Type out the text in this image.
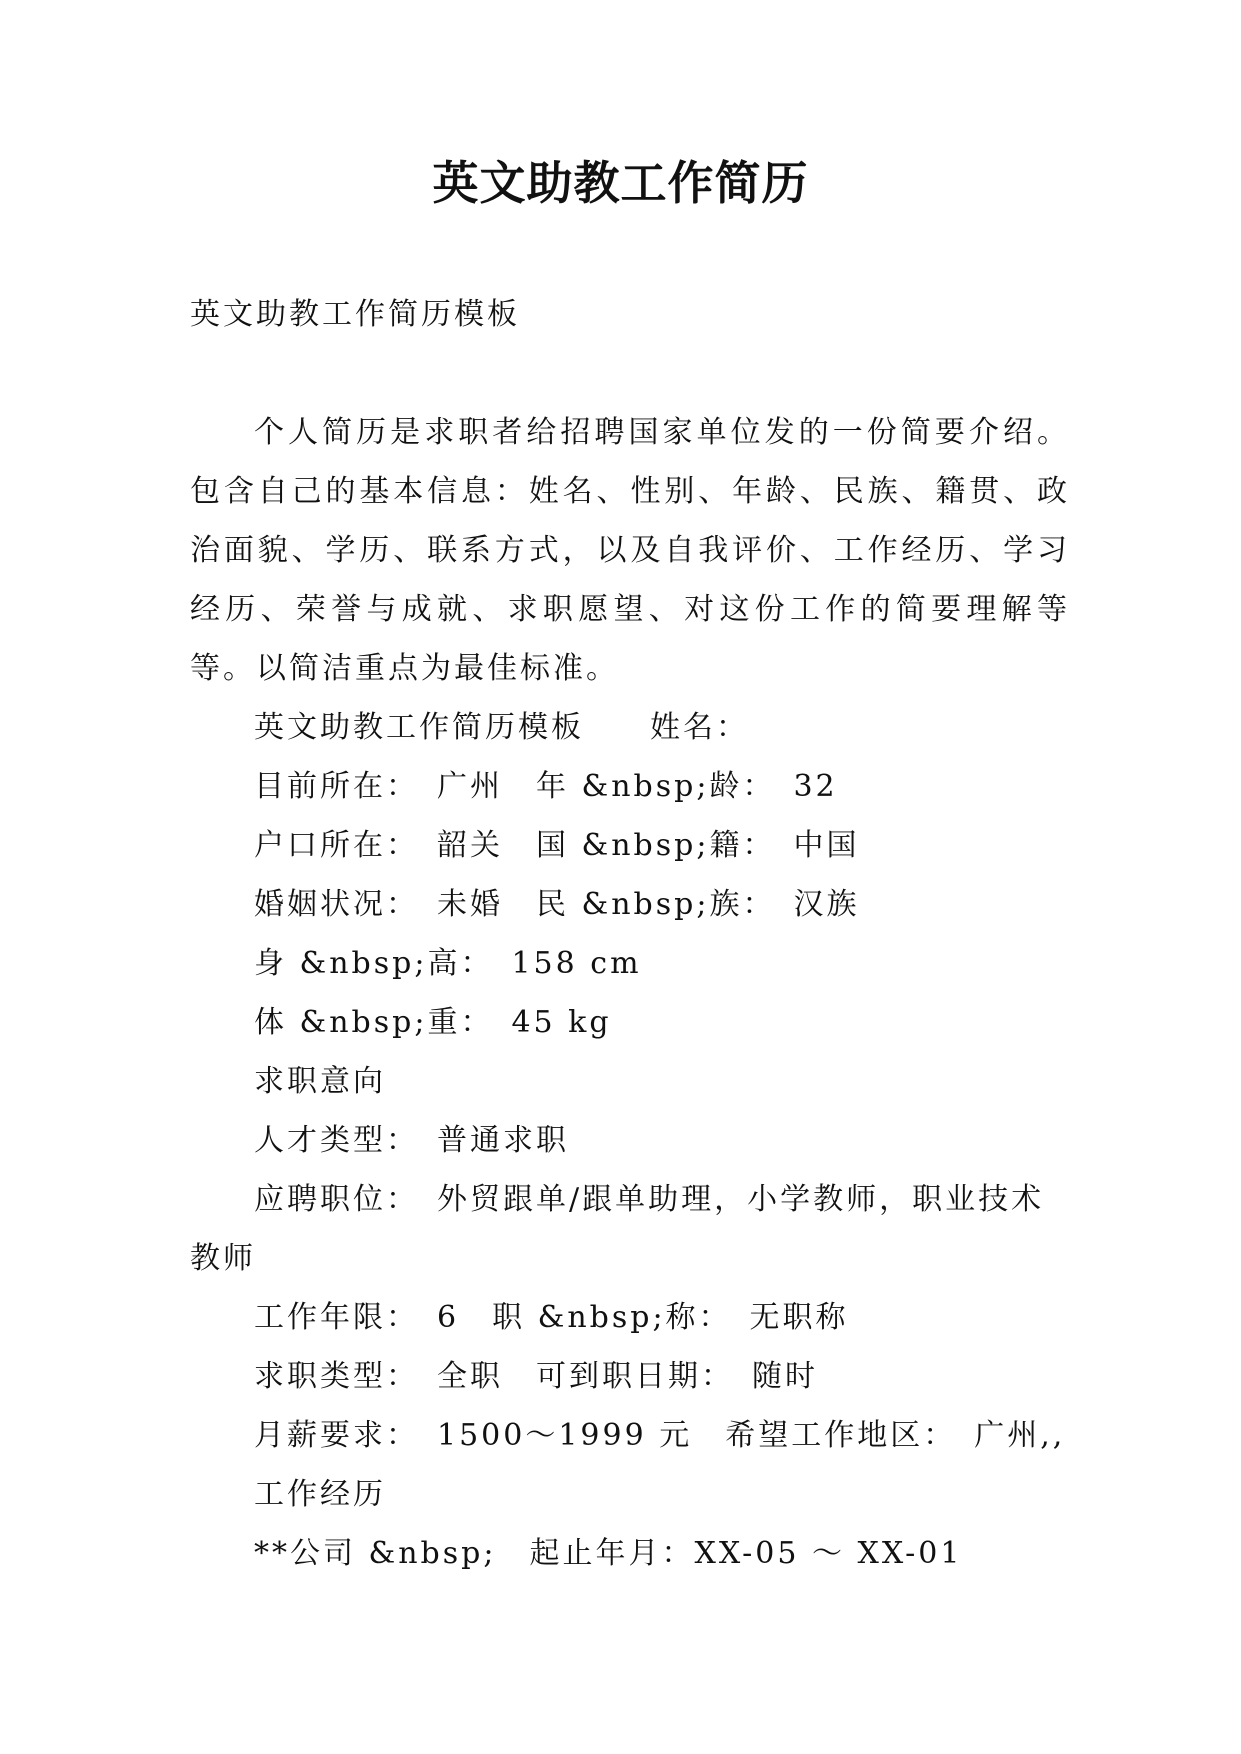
英文助教工作简历

英文助教工作简历模板

个人简历是求职者给招聘国家单位发的一份简要介绍。包含自己的基本信息：姓名、性别、年龄、民族、籍贯、政治面貌、学历、联系方式，以及自我评价、工作经历、学习经历、荣誉与成就、求职愿望、对这份工作的简要理解等等。以简洁重点为最佳标准。

英文助教工作简历模板　　姓名：

目前所在：　广州　年 &nbsp;龄：　32

户口所在：　韶关　国 &nbsp;籍：　中国

婚姻状况：　未婚　民 &nbsp;族：　汉族

身 &nbsp;高：　158 cm

体 &nbsp;重：　45 kg

求职意向

人才类型：　普通求职

应聘职位：　外贸跟单/跟单助理，小学教师，职业技术教师

工作年限：　6　职 &nbsp;称：　无职称

求职类型：　全职　可到职日期：　随时

月薪要求：　1500～1999 元　希望工作地区：　广州,,

工作经历

**公司 &nbsp;　起止年月：XX-05 ～ XX-01
